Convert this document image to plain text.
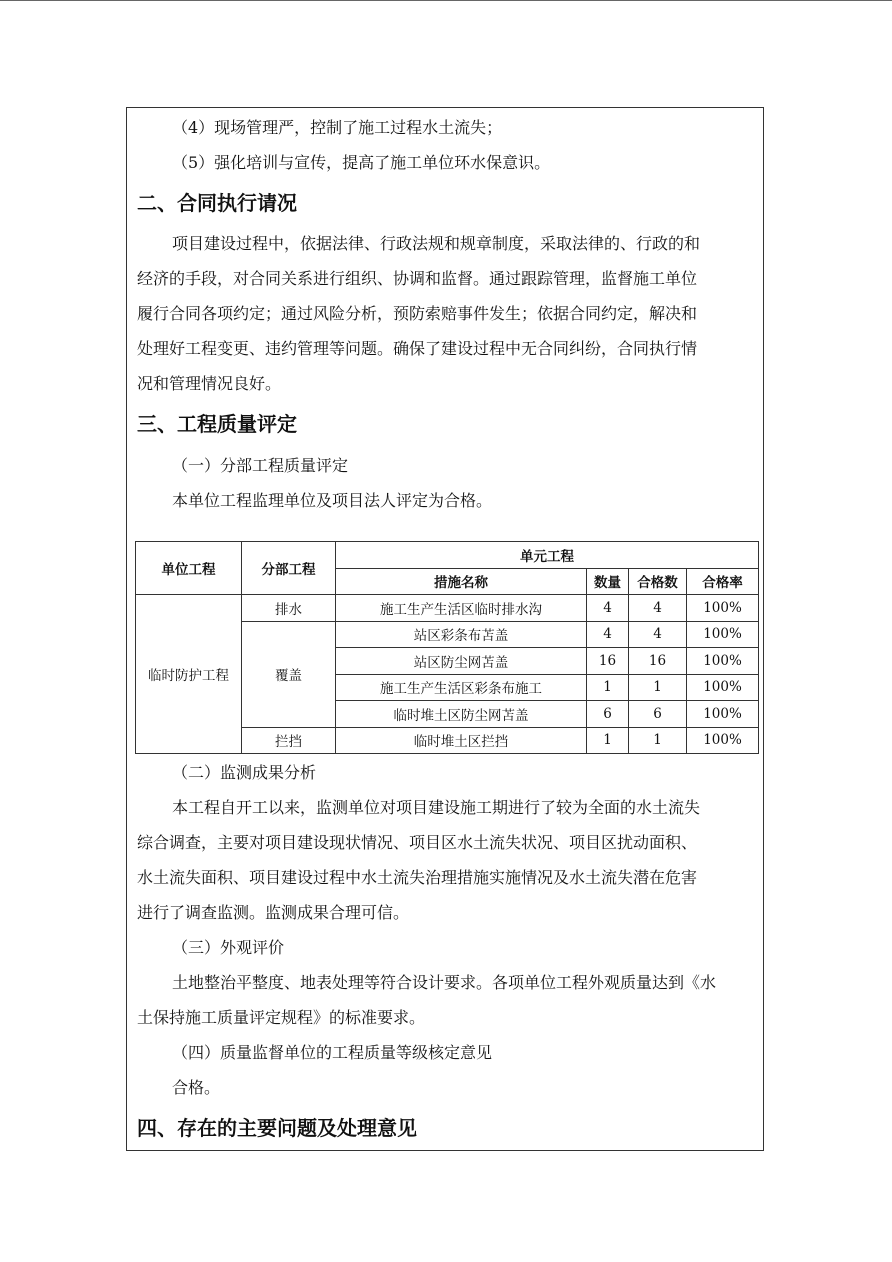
（4）现场管理严，控制了施工过程水土流失；
（5）强化培训与宣传，提高了施工单位环水保意识。
二、合同执行请况
项目建设过程中，依据法律、行政法规和规章制度，采取法律的、行政的和
经济的手段，对合同关系进行组织、协调和监督。通过跟踪管理，监督施工单位
履行合同各项约定；通过风险分析，预防索赔事件发生；依据合同约定，解决和
处理好工程变更、违约管理等问题。确保了建设过程中无合同纠纷，合同执行情
况和管理情况良好。
三、工程质量评定
（一）分部工程质量评定
本单位工程监理单位及项目法人评定为合格。
单位工程	分部工程	单元工程			
		措施名称	数量	合格数	合格率
临时防护工程	排水	施工生产生活区临时排水沟	4	4	100%
	覆盖	站区彩条布苫盖	4	4	100%
		站区防尘网苫盖	16	16	100%
		施工生产生活区彩条布施工	1	1	100%
		临时堆土区防尘网苫盖	6	6	100%
	拦挡	临时堆土区拦挡	1	1	100%
（二）监测成果分析
本工程自开工以来，监测单位对项目建设施工期进行了较为全面的水土流失
综合调查，主要对项目建设现状情况、项目区水土流失状况、项目区扰动面积、
水土流失面积、项目建设过程中水土流失治理措施实施情况及水土流失潜在危害
进行了调查监测。监测成果合理可信。
（三）外观评价
土地整治平整度、地表处理等符合设计要求。各项单位工程外观质量达到《水
土保持施工质量评定规程》的标准要求。
（四）质量监督单位的工程质量等级核定意见
合格。
四、存在的主要问题及处理意见
